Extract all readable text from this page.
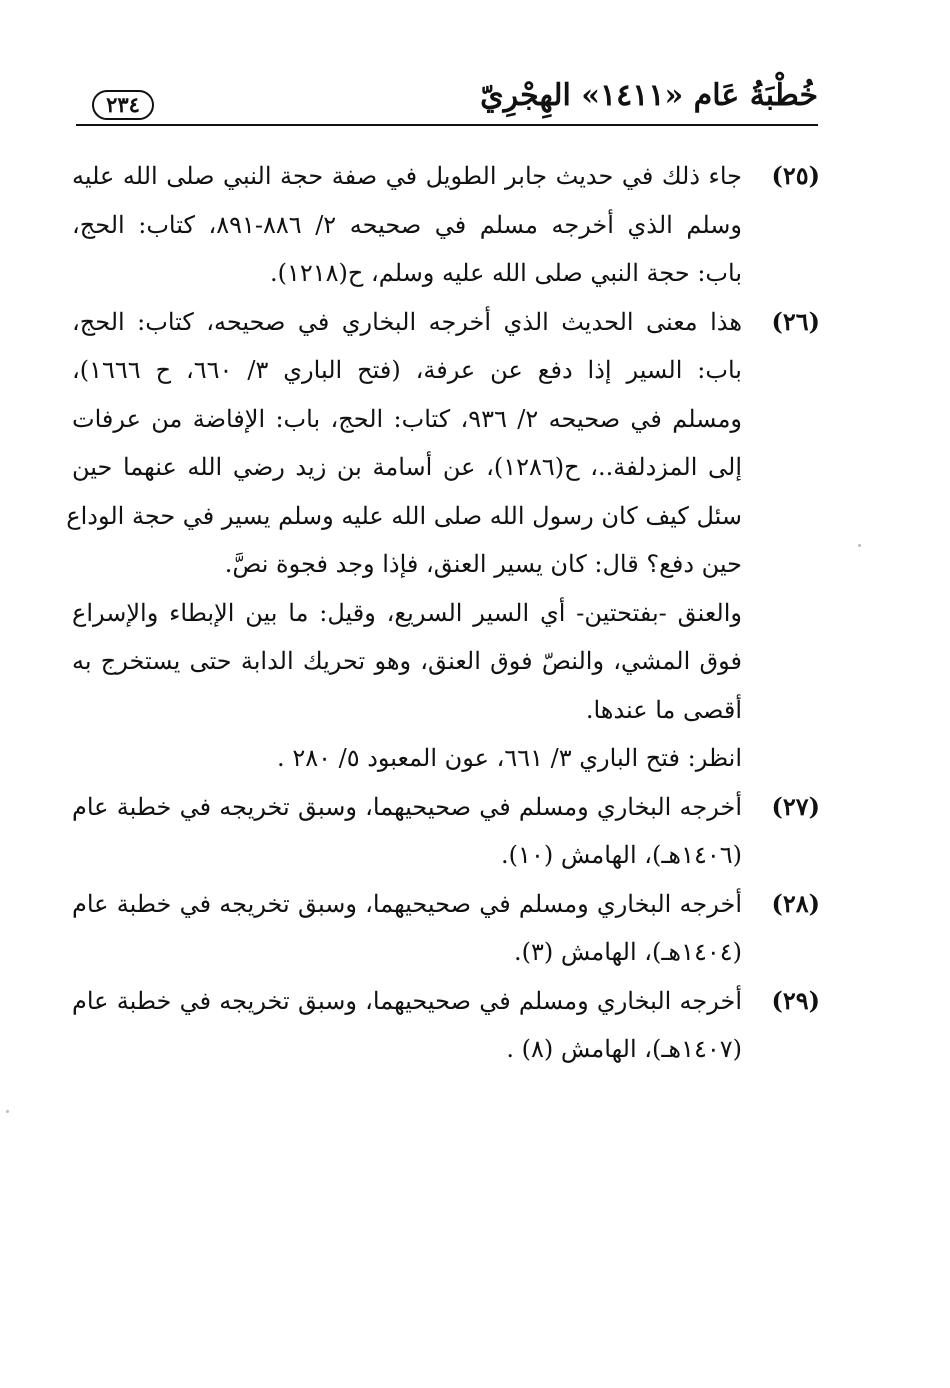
خُطْبَةُ عَام «١٤١١» الهِجْرِيّ
٢٣٤
(٢٥)
جاء ذلك في حديث جابر الطويل في صفة حجة النبي صلى الله عليه
وسلم الذي أخرجه مسلم في صحيحه ٢/ ٨٨٦-٨٩١، كتاب: الحج،
باب: حجة النبي صلى الله عليه وسلم، ح(١٢١٨).
(٢٦)
هذا معنى الحديث الذي أخرجه البخاري في صحيحه، كتاب: الحج،
باب: السير إذا دفع عن عرفة، (فتح الباري ٣/ ٦٦٠، ح ١٦٦٦)،
ومسلم في صحيحه ٢/ ٩٣٦، كتاب: الحج، باب: الإفاضة من عرفات
إلى المزدلفة..، ح(١٢٨٦)، عن أسامة بن زيد رضي الله عنهما حين
سئل كيف كان رسول الله صلى الله عليه وسلم يسير في حجة الوداع
حين دفع؟ قال: كان يسير العنق، فإذا وجد فجوة نصَّ.
والعنق -بفتحتين- أي السير السريع، وقيل: ما بين الإبطاء والإسراع
فوق المشي، والنصّ فوق العنق، وهو تحريك الدابة حتى يستخرج به
أقصى ما عندها.
انظر: فتح الباري ٣/ ٦٦١، عون المعبود ٥/ ٢٨٠ .
(٢٧)
أخرجه البخاري ومسلم في صحيحيهما، وسبق تخريجه في خطبة عام
(١٤٠٦هـ)، الهامش (١٠).
(٢٨)
أخرجه البخاري ومسلم في صحيحيهما، وسبق تخريجه في خطبة عام
(١٤٠٤هـ)، الهامش (٣).
(٢٩)
أخرجه البخاري ومسلم في صحيحيهما، وسبق تخريجه في خطبة عام
(١٤٠٧هـ)، الهامش (٨) .
